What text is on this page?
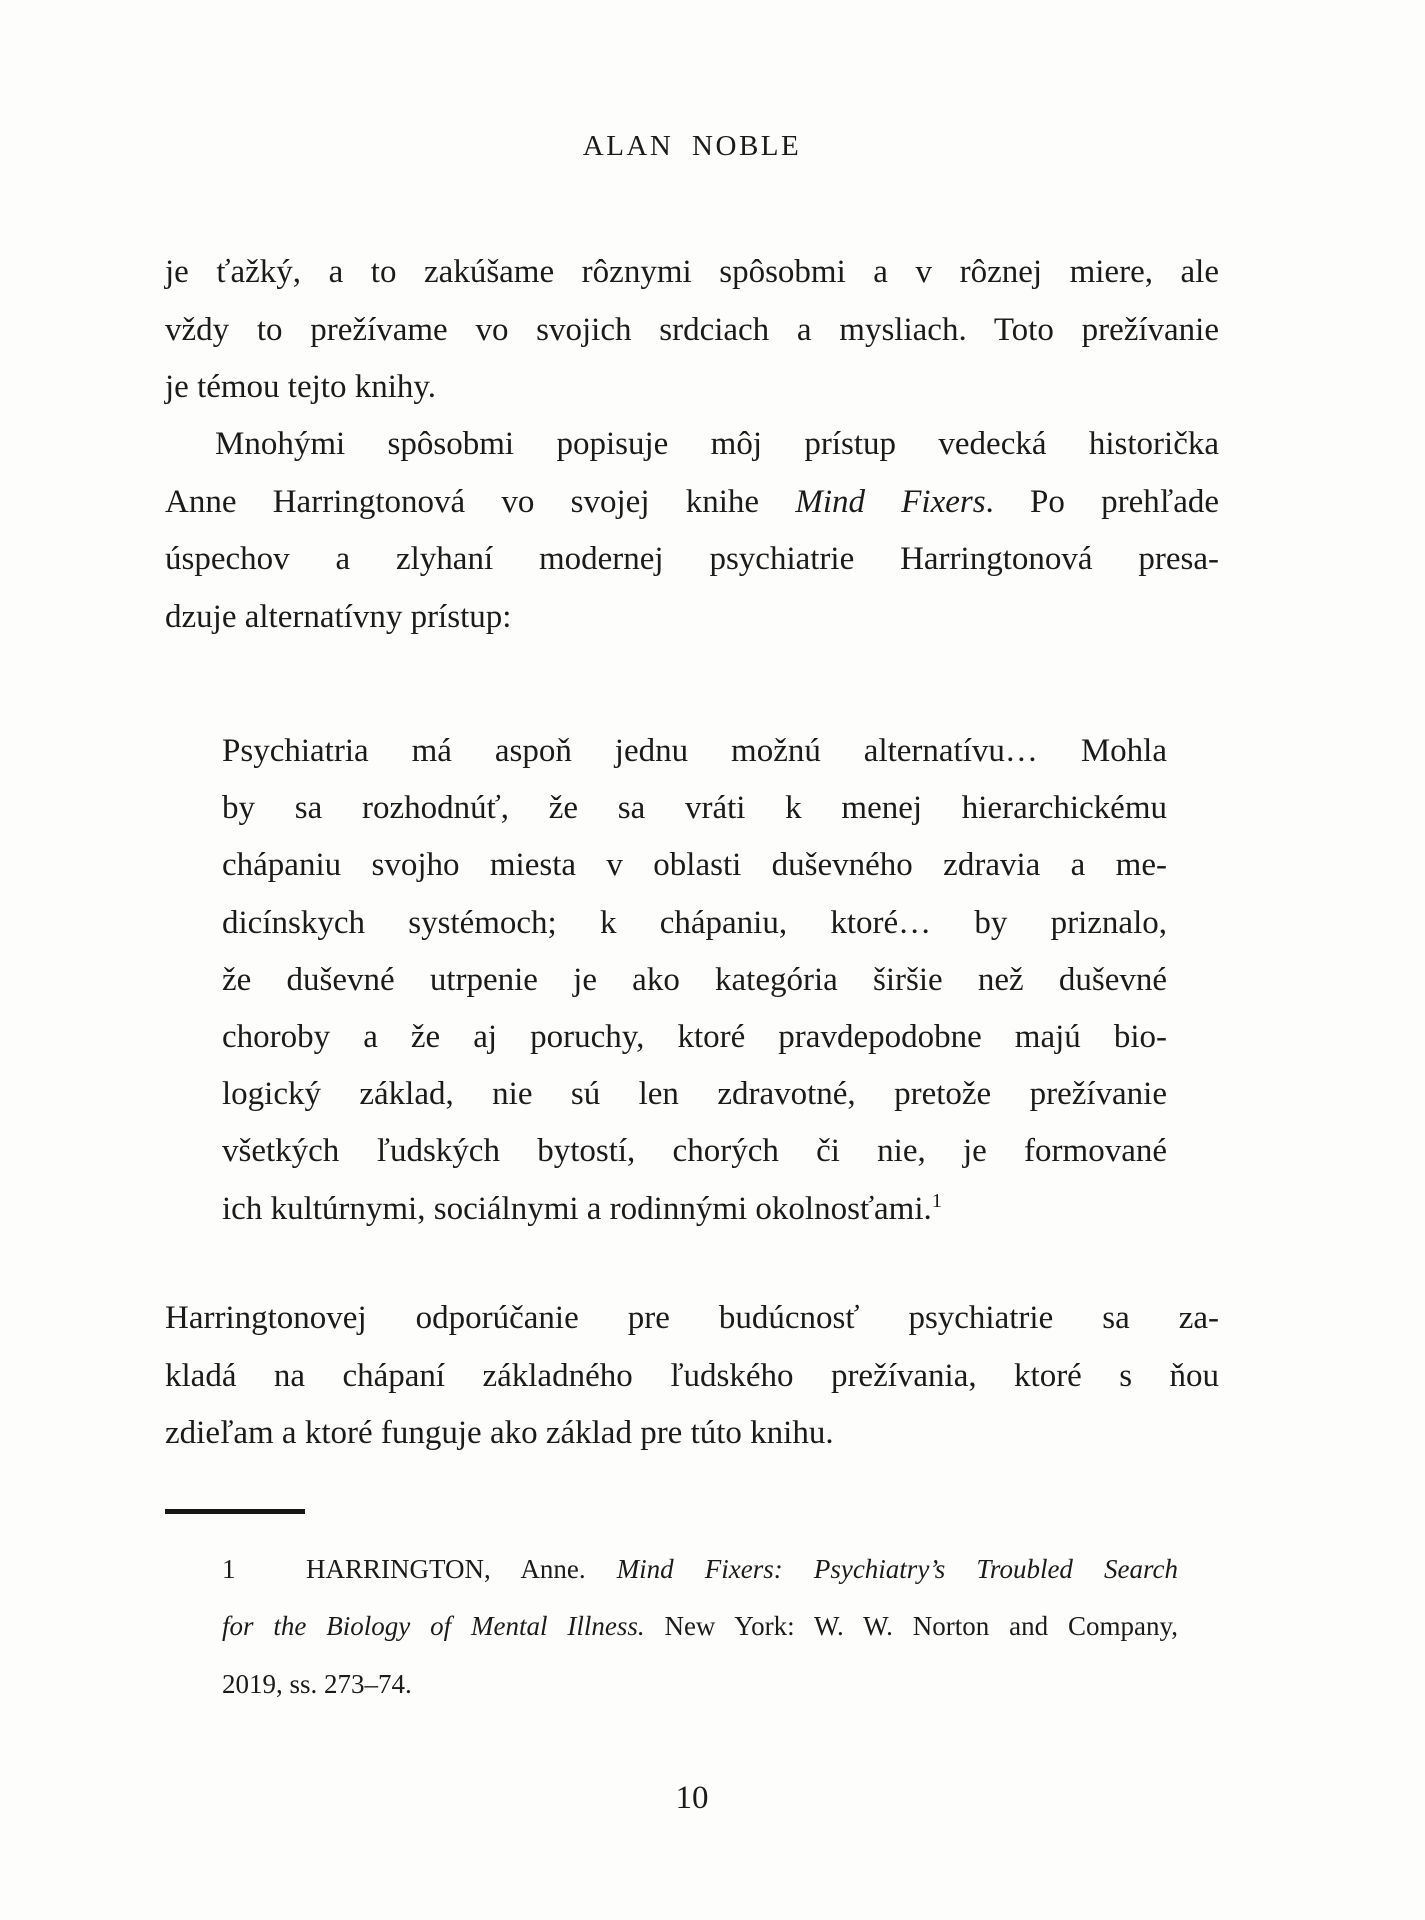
ALAN NOBLE
je ťažký, a to zakúšame rôznymi spôsobmi a v rôznej miere, ale
vždy to prežívame vo svojich srdciach a mysliach. Toto prežívanie
je témou tejto knihy.
Mnohými spôsobmi popisuje môj prístup vedecká historička
Anne Harringtonová vo svojej knihe Mind Fixers. Po prehľade
úspechov a zlyhaní modernej psychiatrie Harringtonová presa-
dzuje alternatívny prístup:
Psychiatria má aspoň jednu možnú alternatívu… Mohla
by sa rozhodnúť, že sa vráti k menej hierarchickému
chápaniu svojho miesta v oblasti duševného zdravia a me-
dicínskych systémoch; k chápaniu, ktoré… by priznalo,
že duševné utrpenie je ako kategória širšie než duševné
choroby a že aj poruchy, ktoré pravdepodobne majú bio-
logický základ, nie sú len zdravotné, pretože prežívanie
všetkých ľudských bytostí, chorých či nie, je formované
ich kultúrnymi, sociálnymi a rodinnými okolnosťami.$^1$
Harringtonovej odporúčanie pre budúcnosť psychiatrie sa za-
kladá na chápaní základného ľudského prežívania, ktoré s ňou
zdieľam a ktoré funguje ako základ pre túto knihu.
1	HARRINGTON, Anne. Mind Fixers: Psychiatry’s Troubled Search
for the Biology of Mental Illness. New York: W. W. Norton and Company,
2019, ss. 273–74.
10
